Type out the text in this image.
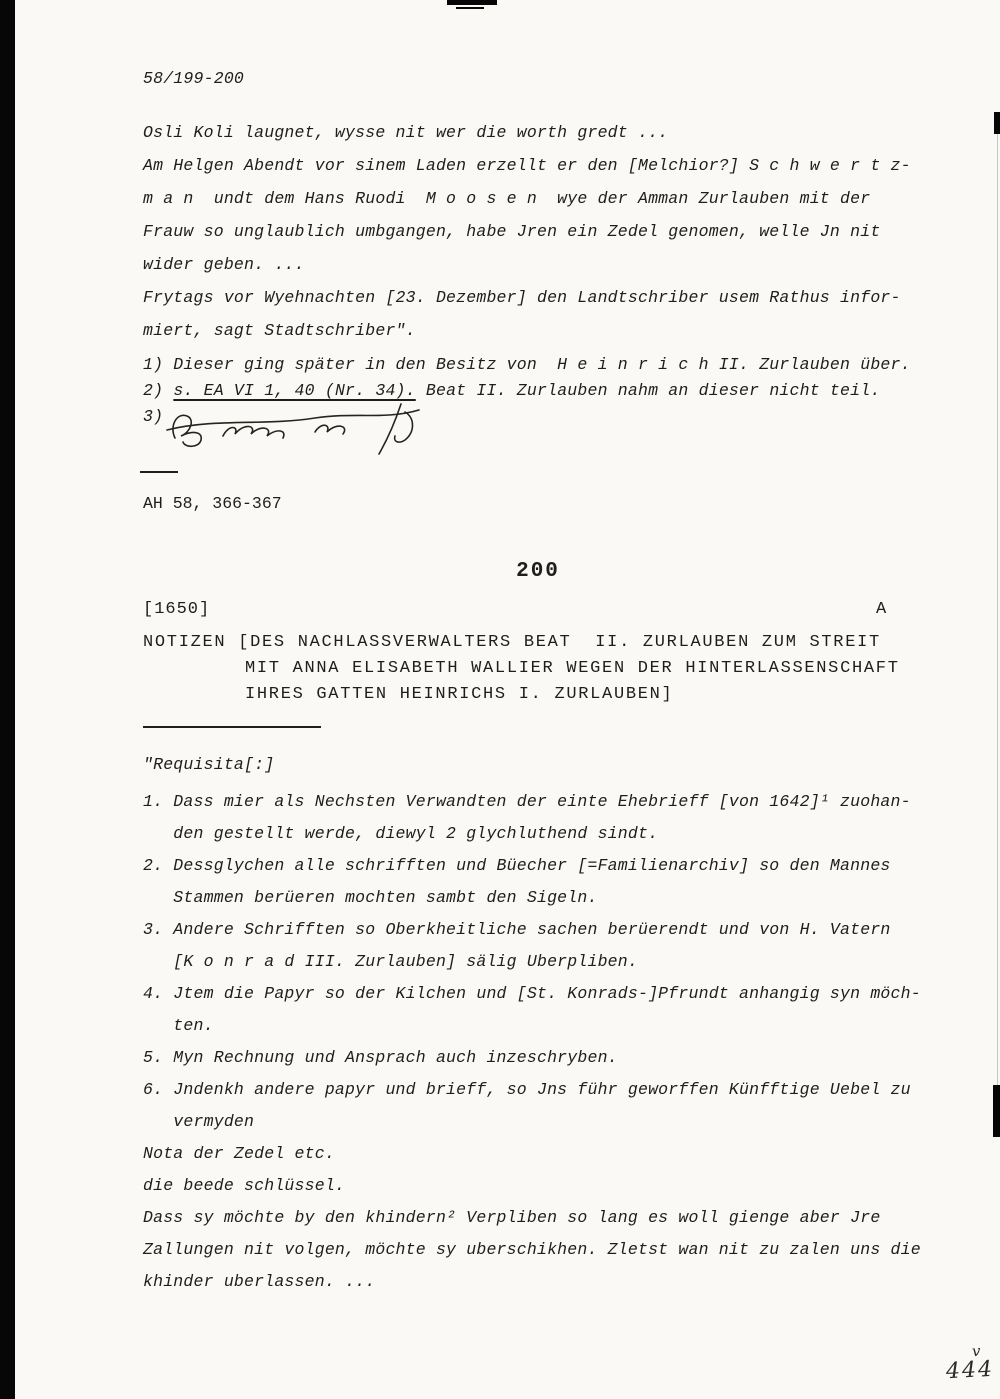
58/199-200
Osli Koli laugnet, wysse nit wer die worth gredt ...
Am Helgen Abendt vor sinem Laden erzellt er den [Melchior?] S c h w e r t z-
m a n  undt dem Hans Ruodi  M o o s e n  wye der Amman Zurlauben mit der
Frauw so unglaublich umbgangen, habe Jren ein Zedel genomen, welle Jn nit
wider geben. ...
Frytags vor Wyehnachten [23. Dezember] den Landtschriber usem Rathus infor-
miert, sagt Stadtschriber".
1) Dieser ging später in den Besitz von  H e i n r i c h II. Zurlauben über.
2) s. EA VI 1, 40 (Nr. 34). Beat II. Zurlauben nahm an dieser nicht teil.
3)
AH 58, 366-367
200
[1650]	A
NOTIZEN [DES NACHLASSVERWALTERS BEAT  II. ZURLAUBEN ZUM STREIT
MIT ANNA ELISABETH WALLIER WEGEN DER HINTERLASSENSCHAFT
IHRES GATTEN HEINRICHS I. ZURLAUBEN]
"Requisita[:]
1. Dass mier als Nechsten Verwandten der einte Ehebrieff [von 1642]¹ zuohan-
den gestellt werde, diewyl 2 glychluthend sindt.
2. Dessglychen alle schrifften und Büecher [=Familienarchiv] so den Mannes
Stammen berüeren mochten sambt den Sigeln.
3. Andere Schrifften so Oberkheitliche sachen berüerendt und von H. Vatern
[K o n r a d III. Zurlauben] sälig Uberpliben.
4. Jtem die Papyr so der Kilchen und [St. Konrads-]Pfrundt anhangig syn möch-
ten.
5. Myn Rechnung und Ansprach auch inzeschryben.
6. Jndenkh andere papyr und brieff, so Jns führ geworffen Künfftige Uebel zu
vermyden
Nota der Zedel etc.
die beede schlüssel.
Dass sy möchte by den khindern² Verpliben so lang es woll gienge aber Jre
Zallungen nit volgen, möchte sy uberschikhen. Zletst wan nit zu zalen uns die
khinder uberlassen. ...
v
444
